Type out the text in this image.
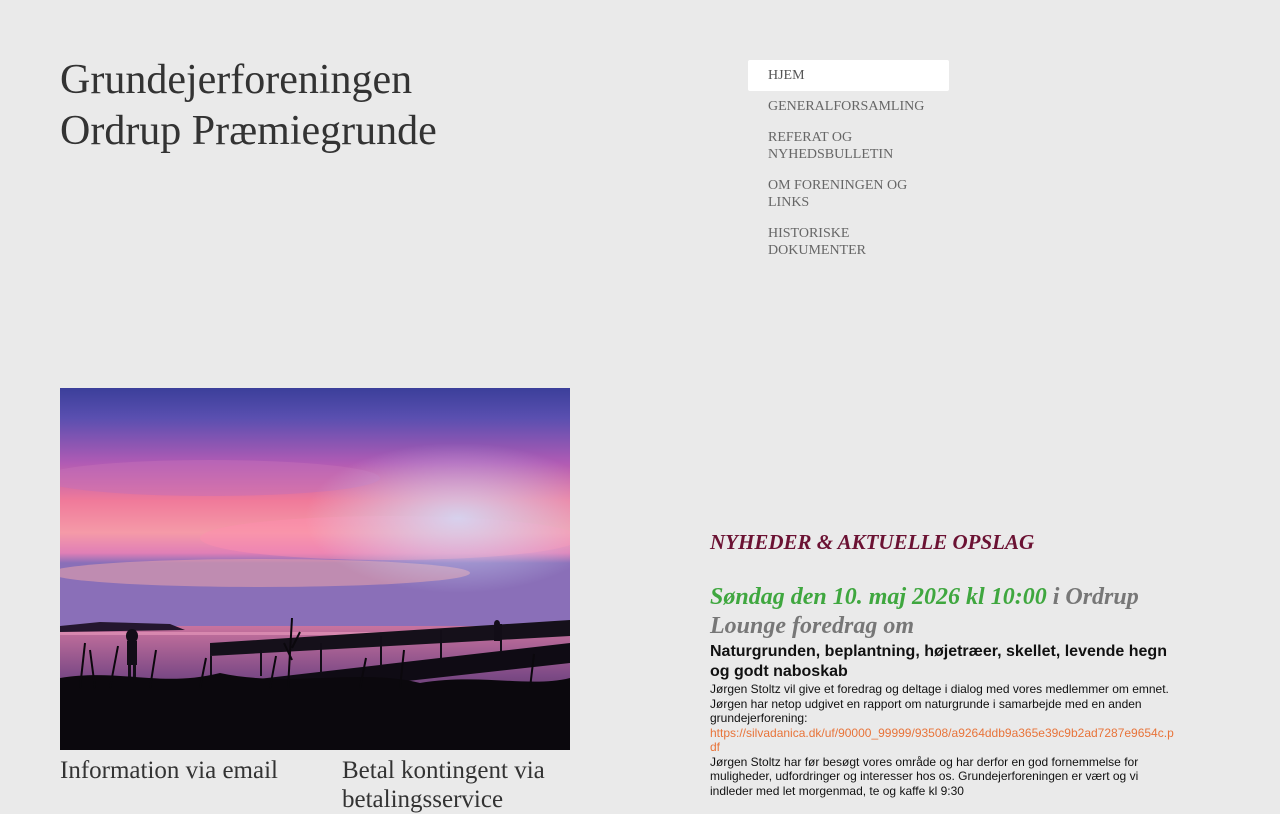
Grundejerforeningen
Ordrup Præmiegrunde
HJEM
GENERALFORSAMLING
REFERAT OG NYHEDSBULLETIN
OM FORENINGEN OG LINKS
HISTORISKE DOKUMENTER
Information via email	Betal kontingent via betalingsservice
NYHEDER & AKTUELLE OPSLAG
Søndag den 10. maj 2026 kl 10:00 i Ordrup Lounge foredrag om

Naturgrunden, beplantning, højetræer, skellet, levende hegn og godt naboskab

Jørgen Stoltz vil give et foredrag og deltage i dialog med vores medlemmer om emnet. Jørgen har netop udgivet en rapport om naturgrunde i samarbejde med en anden grundejerforening:

https://silvadanica.dk/uf/90000_99999/93508/a9264ddb9a365e39c9b2ad7287e9654c.pdf

Jørgen Stoltz har før besøgt vores område og har derfor en god fornemmelse for muligheder, udfordringer og interesser hos os. Grundejerforeningen er vært og vi indleder med let morgenmad, te og kaffe kl 9:30
